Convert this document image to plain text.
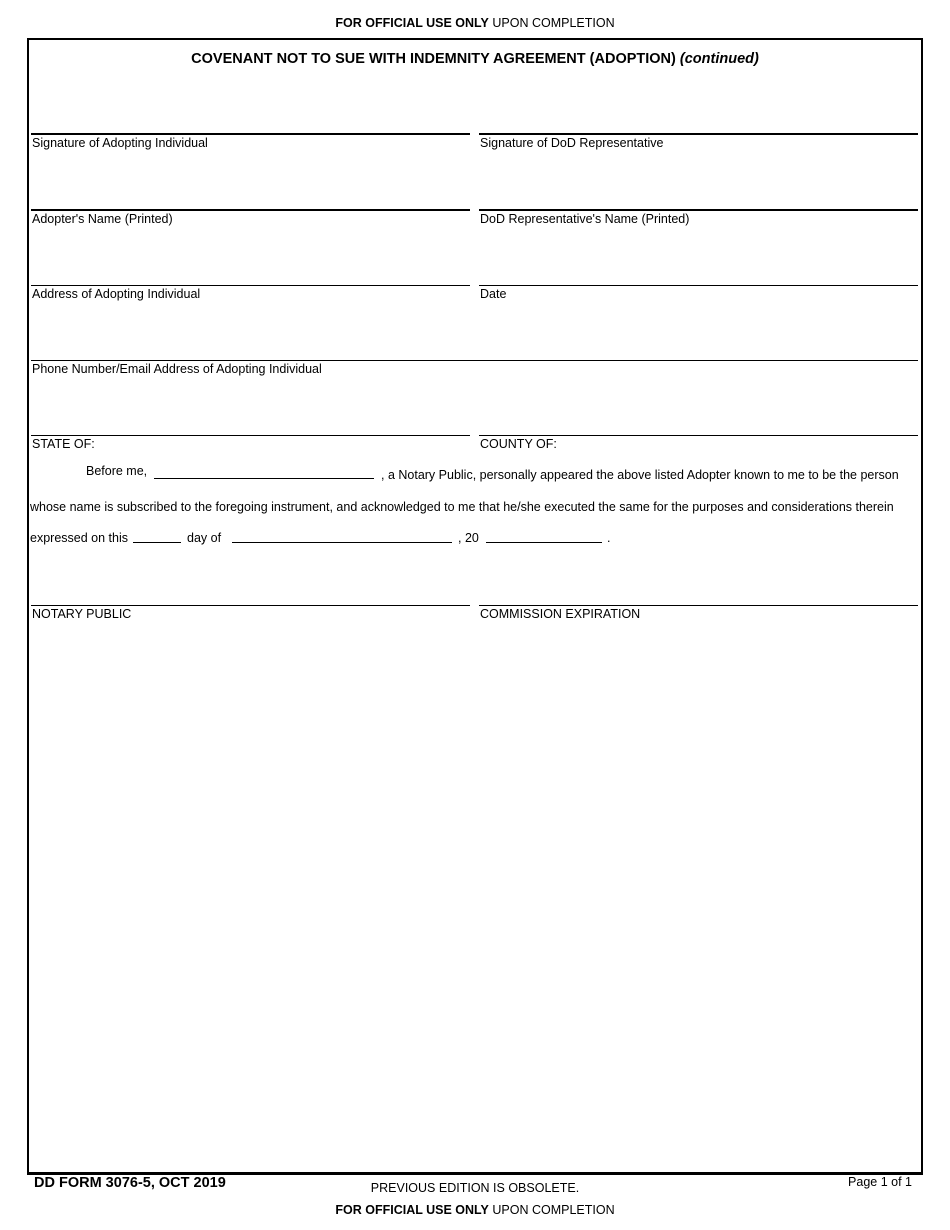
FOR OFFICIAL USE ONLY UPON COMPLETION
COVENANT NOT TO SUE WITH INDEMNITY AGREEMENT (ADOPTION) (continued)
Signature of Adopting Individual	Signature of DoD Representative
Adopter's Name (Printed)	DoD Representative's Name (Printed)
Address of Adopting Individual	Date
Phone Number/Email Address of Adopting Individual
STATE OF:	COUNTY OF:
Before me,	, a Notary Public, personally appeared the above listed Adopter known to me to be the person
whose name is subscribed to the foregoing instrument, and acknowledged to me that he/she executed the same for the purposes and considerations therein
expressed on this	day of	, 20	.
NOTARY PUBLIC	COMMISSION EXPIRATION
DD FORM 3076-5, OCT 2019	PREVIOUS EDITION IS OBSOLETE.	Page 1 of 1
FOR OFFICIAL USE ONLY UPON COMPLETION
